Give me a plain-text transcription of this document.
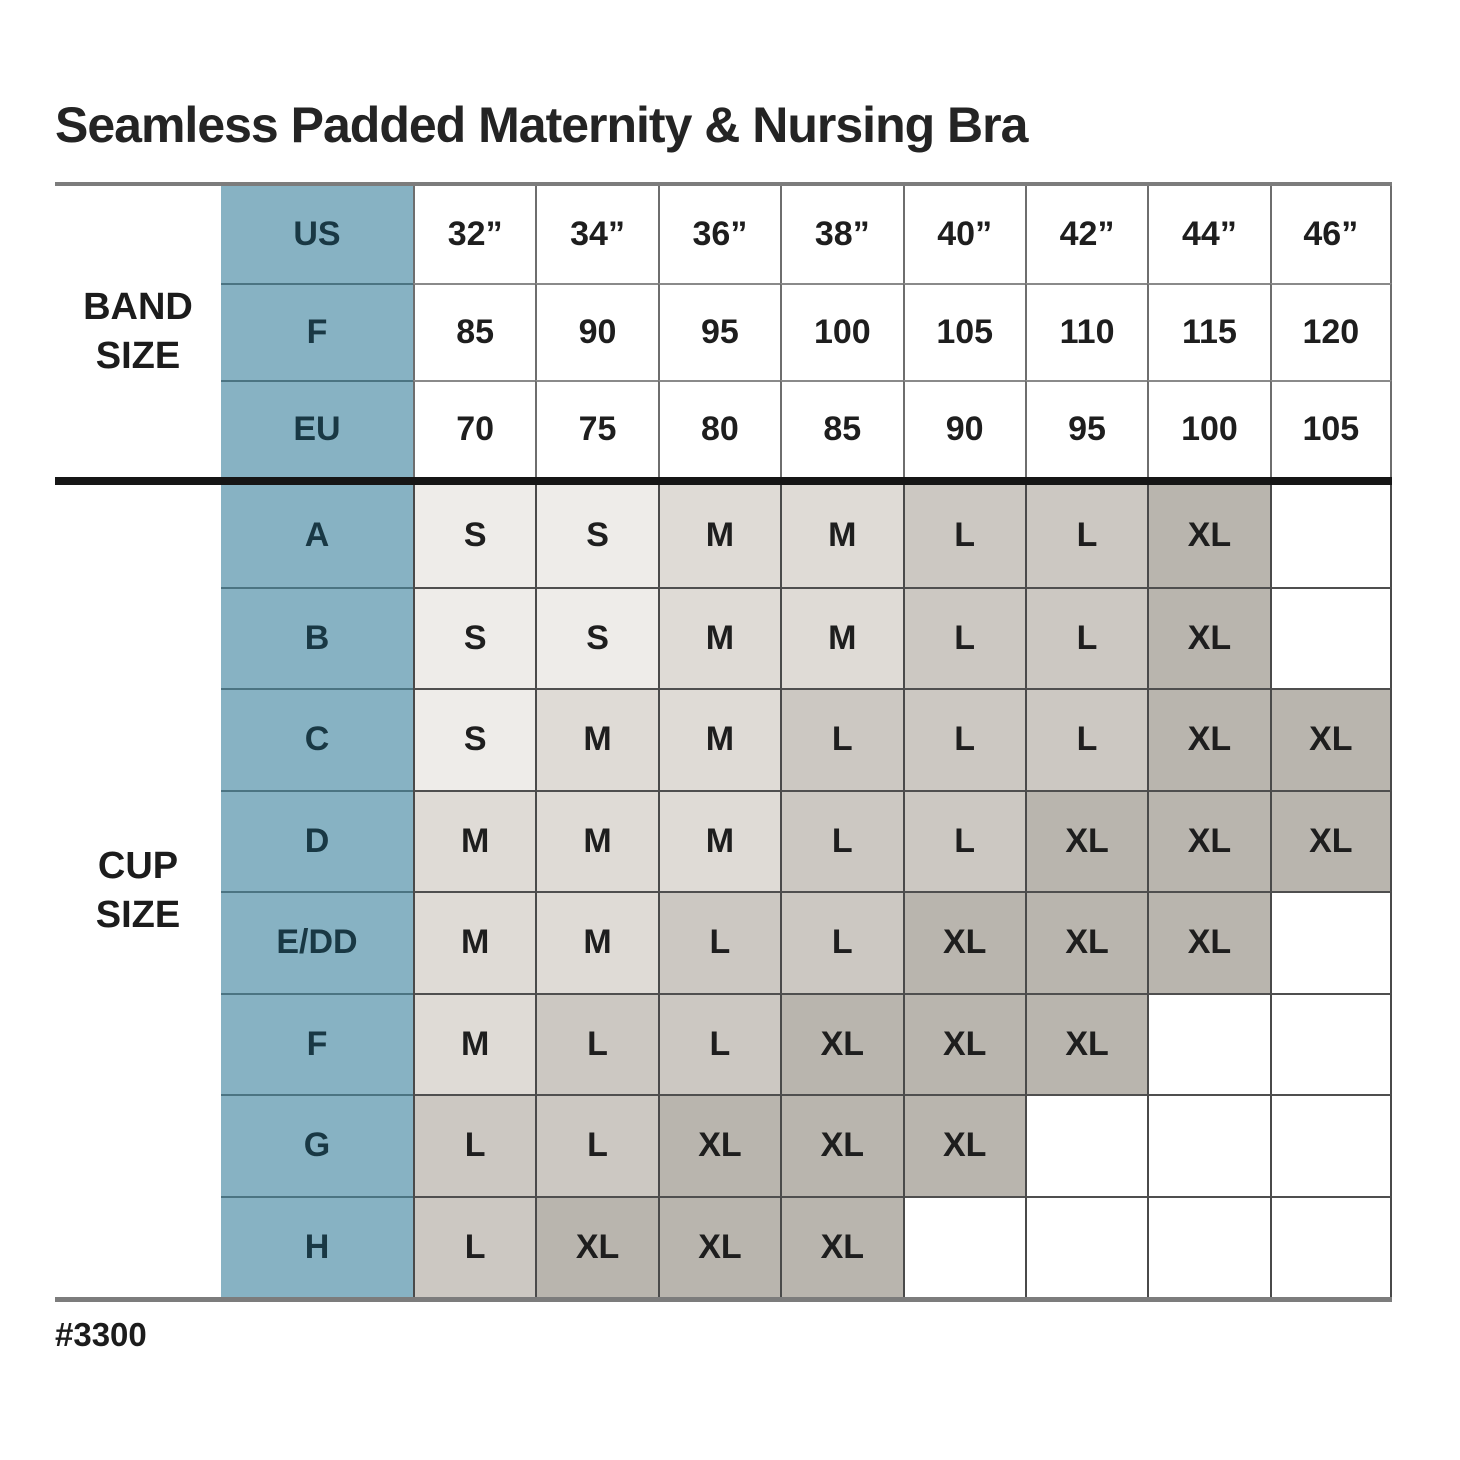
Seamless Padded Maternity & Nursing Bra
BAND
SIZE
US	32”	34”	36”	38”	40”	42”	44”	46”
F	85	90	95	100	105	110	115	120
EU	70	75	80	85	90	95	100	105
CUP
SIZE
A	S	S	M	M	L	L	XL
B	S	S	M	M	L	L	XL
C	S	M	M	L	L	L	XL	XL
D	M	M	M	L	L	XL	XL	XL
E/DD	M	M	L	L	XL	XL	XL
F	M	L	L	XL	XL	XL
G	L	L	XL	XL	XL
H	L	XL	XL	XL
#3300
